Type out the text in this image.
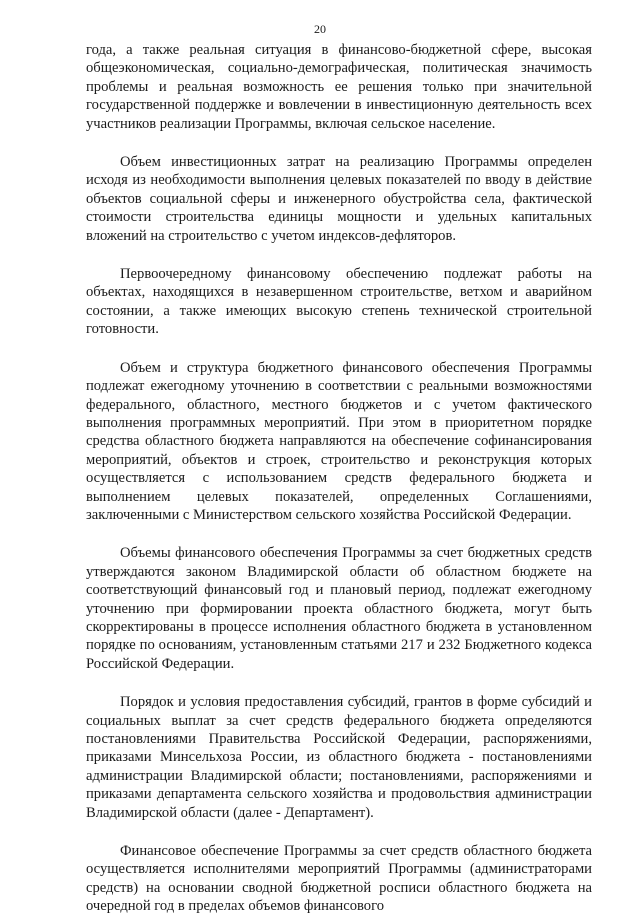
20

года, а также реальная ситуация в финансово-бюджетной сфере, высокая общеэкономическая, социально-демографическая, политическая значимость проблемы и реальная возможность ее решения только при значительной государственной поддержке и вовлечении в инвестиционную деятельность всех участников реализации Программы, включая сельское население.

Объем инвестиционных затрат на реализацию Программы определен исходя из необходимости выполнения целевых показателей по вводу в действие объектов социальной сферы и инженерного обустройства села, фактической стоимости строительства единицы мощности и удельных капитальных вложений на строительство с учетом индексов-дефляторов.

Первоочередному финансовому обеспечению подлежат работы на объектах, находящихся в незавершенном строительстве, ветхом и аварийном состоянии, а также имеющих высокую степень технической строительной готовности.

Объем и структура бюджетного финансового обеспечения Программы подлежат ежегодному уточнению в соответствии с реальными возможностями федерального, областного, местного бюджетов и с учетом фактического выполнения программных мероприятий. При этом в приоритетном порядке средства областного бюджета направляются на обеспечение софинансирования мероприятий, объектов и строек, строительство и реконструкция которых осуществляется с использованием средств федерального бюджета и выполнением целевых показателей, определенных Соглашениями, заключенными с Министерством сельского хозяйства Российской Федерации.

Объемы финансового обеспечения Программы за счет бюджетных средств утверждаются законом Владимирской области об областном бюджете на соответствующий финансовый год и плановый период, подлежат ежегодному уточнению при формировании проекта областного бюджета, могут быть скорректированы в процессе исполнения областного бюджета в установленном порядке по основаниям, установленным статьями 217 и 232 Бюджетного кодекса Российской Федерации.

Порядок и условия предоставления субсидий, грантов в форме субсидий и социальных выплат за счет средств федерального бюджета определяются постановлениями Правительства Российской Федерации, распоряжениями, приказами Минсельхоза России, из областного бюджета - постановлениями администрации Владимирской области; постановлениями, распоряжениями и приказами департамента сельского хозяйства и продовольствия администрации Владимирской области (далее - Департамент).

Финансовое обеспечение Программы за счет средств областного бюджета осуществляется исполнителями мероприятий Программы (администраторами средств) на основании сводной бюджетной росписи областного бюджета на очередной год в пределах объемов финансового
